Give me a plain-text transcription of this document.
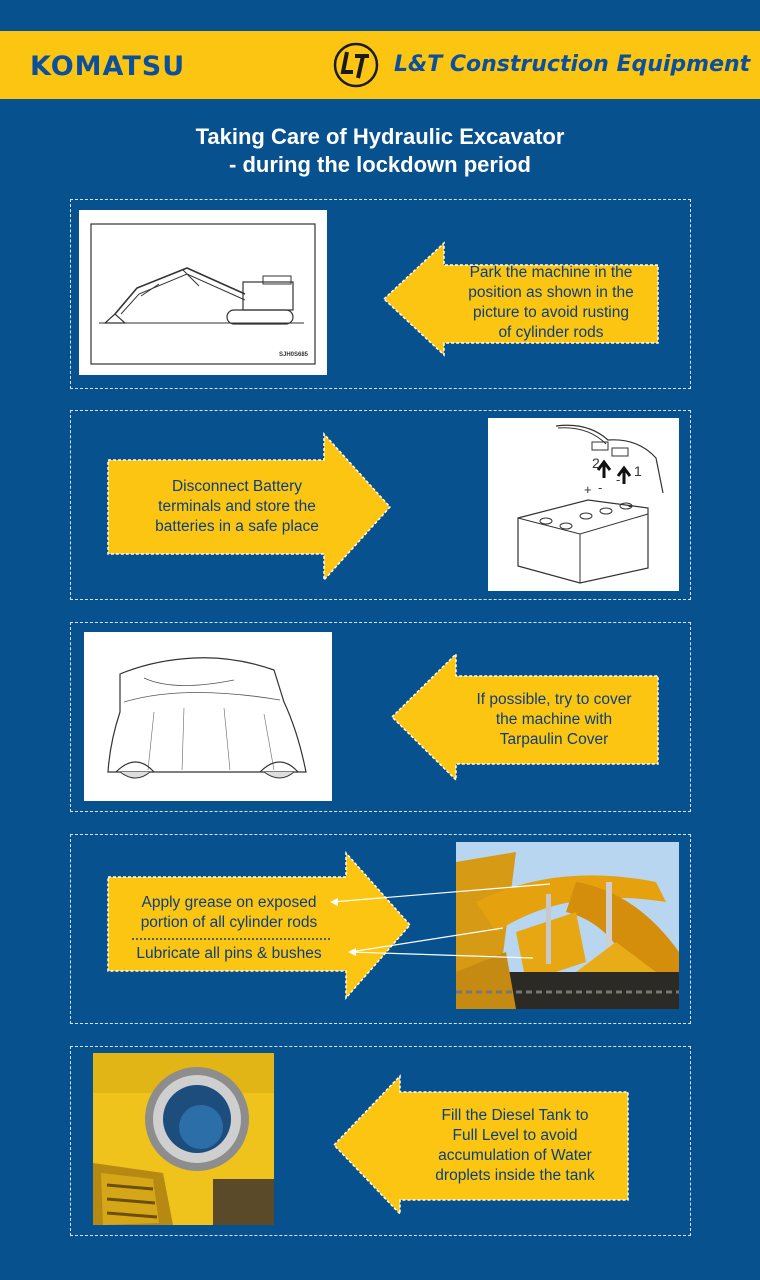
KOMATSU	L&T Construction Equipment
Taking Care of Hydraulic Excavator
- during the lockdown period
SJH0S685
Park the machine in the
position as shown in the
picture to avoid rusting
of cylinder rods
+ -
2
-
1
-
Disconnect Battery
terminals and store the
batteries in a safe place
If possible, try to cover
the machine with
Tarpaulin Cover
Apply grease on exposed
portion of all cylinder rods
Lubricate all pins & bushes
Fill the Diesel Tank to
Full Level to avoid
accumulation of Water
droplets inside the tank
